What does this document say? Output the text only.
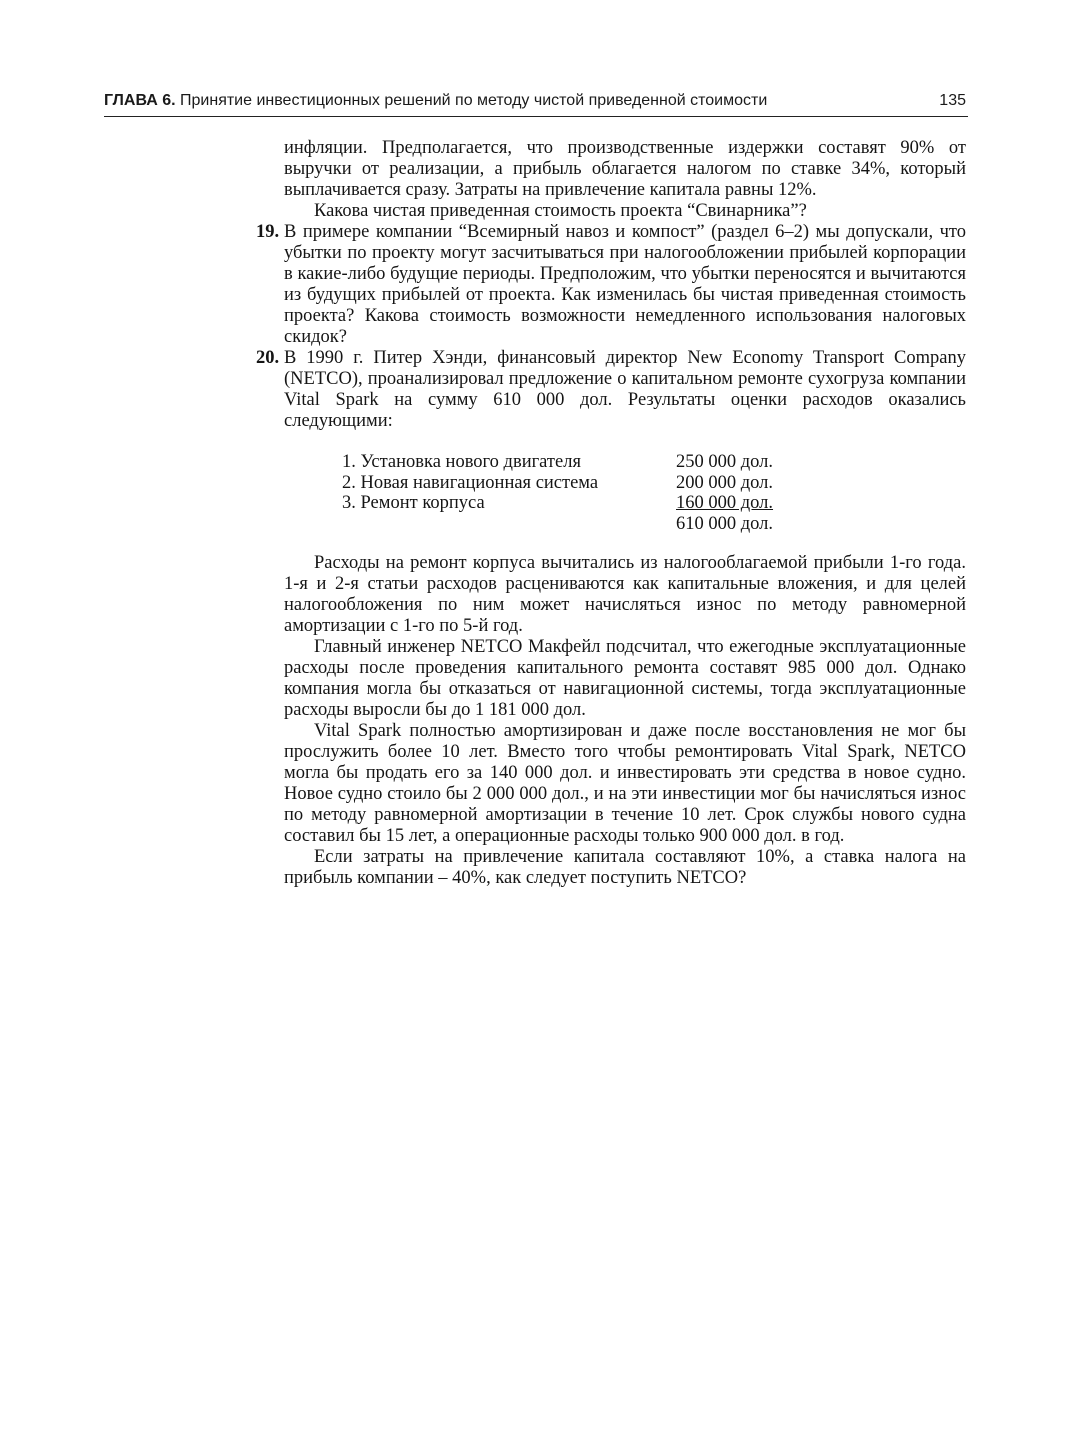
ГЛАВА 6. Принятие инвестиционных решений по методу чистой приведенной стоимости	135

инфляции. Предполагается, что производственные издержки составят 90% от выручки от реализации, а прибыль облагается налогом по ставке 34%, который выплачивается сразу. Затраты на привлечение капитала равны 12%.

Какова чистая приведенная стоимость проекта “Свинарника”?

19. В примере компании “Всемирный навоз и компост” (раздел 6–2) мы допускали, что убытки по проекту могут засчитываться при налогообложении прибылей корпорации в какие-либо будущие периоды. Предположим, что убытки переносятся и вычитаются из будущих прибылей от проекта. Как изменилась бы чистая приведенная стоимость проекта? Какова стоимость возможности немедленного использования налоговых скидок?

20. В 1990 г. Питер Хэнди, финансовый директор New Economy Transport Company (NETCO), проанализировал предложение о капитальном ремонте сухогруза компании Vital Spark на сумму 610 000 дол. Результаты оценки расходов оказались следующими:

1. Установка нового двигателя	250 000 дол.
2. Новая навигационная система	200 000 дол.
3. Ремонт корпуса	160 000 дол.
	610 000 дол.

Расходы на ремонт корпуса вычитались из налогооблагаемой прибыли 1-го года. 1-я и 2-я статьи расходов расцениваются как капитальные вложения, и для целей налогообложения по ним может начисляться износ по методу равномерной амортизации с 1-го по 5-й год.

Главный инженер NETCO Макфейл подсчитал, что ежегодные эксплуатационные расходы после проведения капитального ремонта составят 985 000 дол. Однако компания могла бы отказаться от навигационной системы, тогда эксплуатационные расходы выросли бы до 1 181 000 дол.

Vital Spark полностью амортизирован и даже после восстановления не мог бы прослужить более 10 лет. Вместо того чтобы ремонтировать Vital Spark, NETCO могла бы продать его за 140 000 дол. и инвестировать эти средства в новое судно. Новое судно стоило бы 2 000 000 дол., и на эти инвестиции мог бы начисляться износ по методу равномерной амортизации в течение 10 лет. Срок службы нового судна составил бы 15 лет, а операционные расходы только 900 000 дол. в год.

Если затраты на привлечение капитала составляют 10%, а ставка налога на прибыль компании – 40%, как следует поступить NETCO?
